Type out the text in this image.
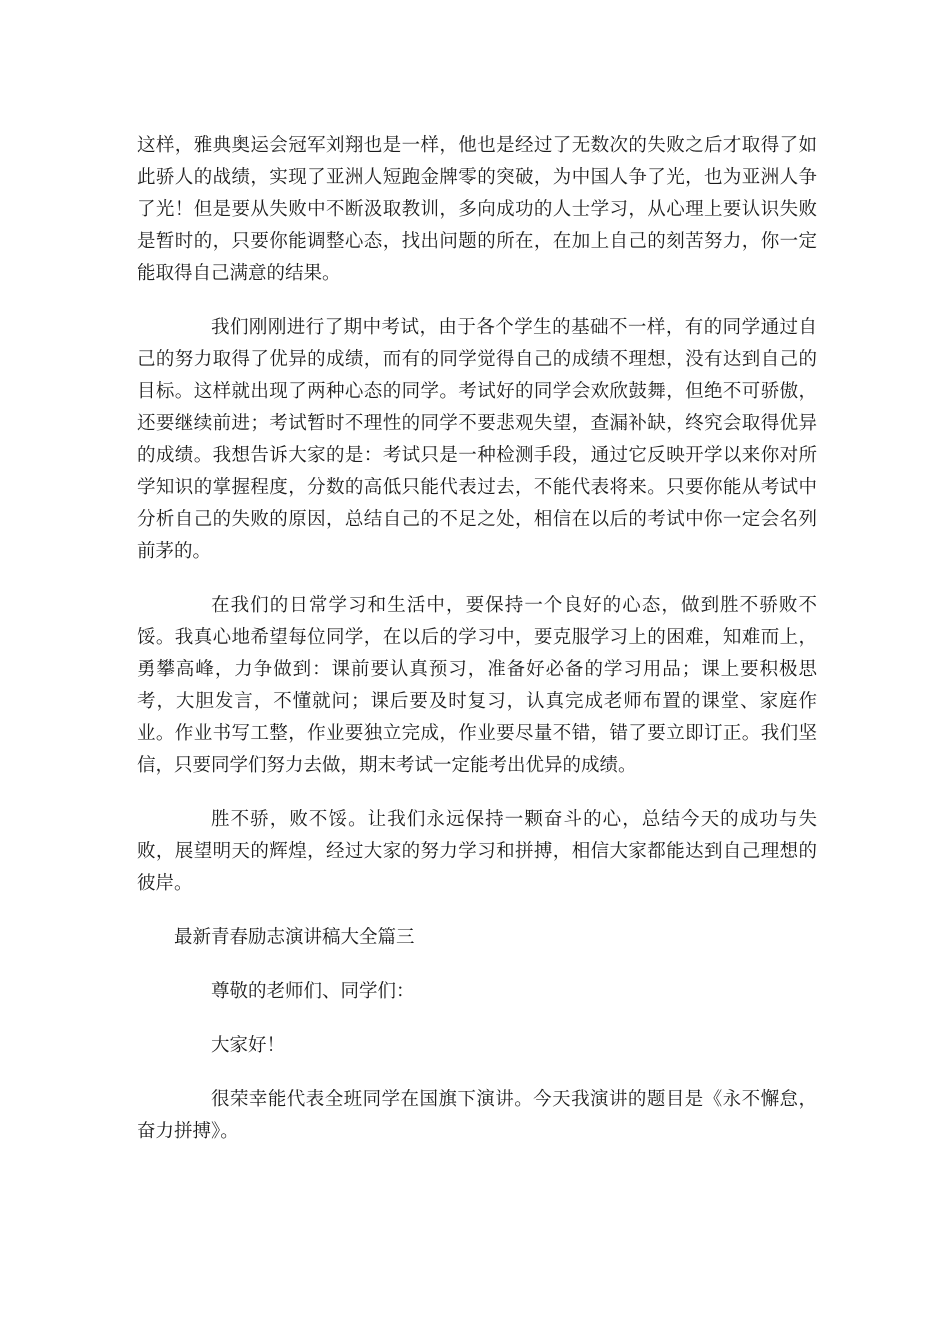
这样，雅典奥运会冠军刘翔也是一样，他也是经过了无数次的失败之后才取得了如此骄人的战绩，实现了亚洲人短跑金牌零的突破，为中国人争了光，也为亚洲人争了光！但是要从失败中不断汲取教训，多向成功的人士学习，从心理上要认识失败是暂时的，只要你能调整心态，找出问题的所在，在加上自己的刻苦努力，你一定能取得自己满意的结果。

我们刚刚进行了期中考试，由于各个学生的基础不一样，有的同学通过自己的努力取得了优异的成绩，而有的同学觉得自己的成绩不理想，没有达到自己的目标。这样就出现了两种心态的同学。考试好的同学会欢欣鼓舞，但绝不可骄傲，还要继续前进；考试暂时不理性的同学不要悲观失望，查漏补缺，终究会取得优异的成绩。我想告诉大家的是：考试只是一种检测手段，通过它反映开学以来你对所学知识的掌握程度，分数的高低只能代表过去，不能代表将来。只要你能从考试中分析自己的失败的原因，总结自己的不足之处，相信在以后的考试中你一定会名列前茅的。

在我们的日常学习和生活中，要保持一个良好的心态，做到胜不骄败不馁。我真心地希望每位同学，在以后的学习中，要克服学习上的困难，知难而上，勇攀高峰，力争做到：课前要认真预习，准备好必备的学习用品；课上要积极思考，大胆发言，不懂就问；课后要及时复习，认真完成老师布置的课堂、家庭作业。作业书写工整，作业要独立完成，作业要尽量不错，错了要立即订正。我们坚信，只要同学们努力去做，期末考试一定能考出优异的成绩。

胜不骄，败不馁。让我们永远保持一颗奋斗的心，总结今天的成功与失败，展望明天的辉煌，经过大家的努力学习和拼搏，相信大家都能达到自己理想的彼岸。

最新青春励志演讲稿大全篇三

尊敬的老师们、同学们：

大家好！

很荣幸能代表全班同学在国旗下演讲。今天我演讲的题目是《永不懈怠，奋力拼搏》。
